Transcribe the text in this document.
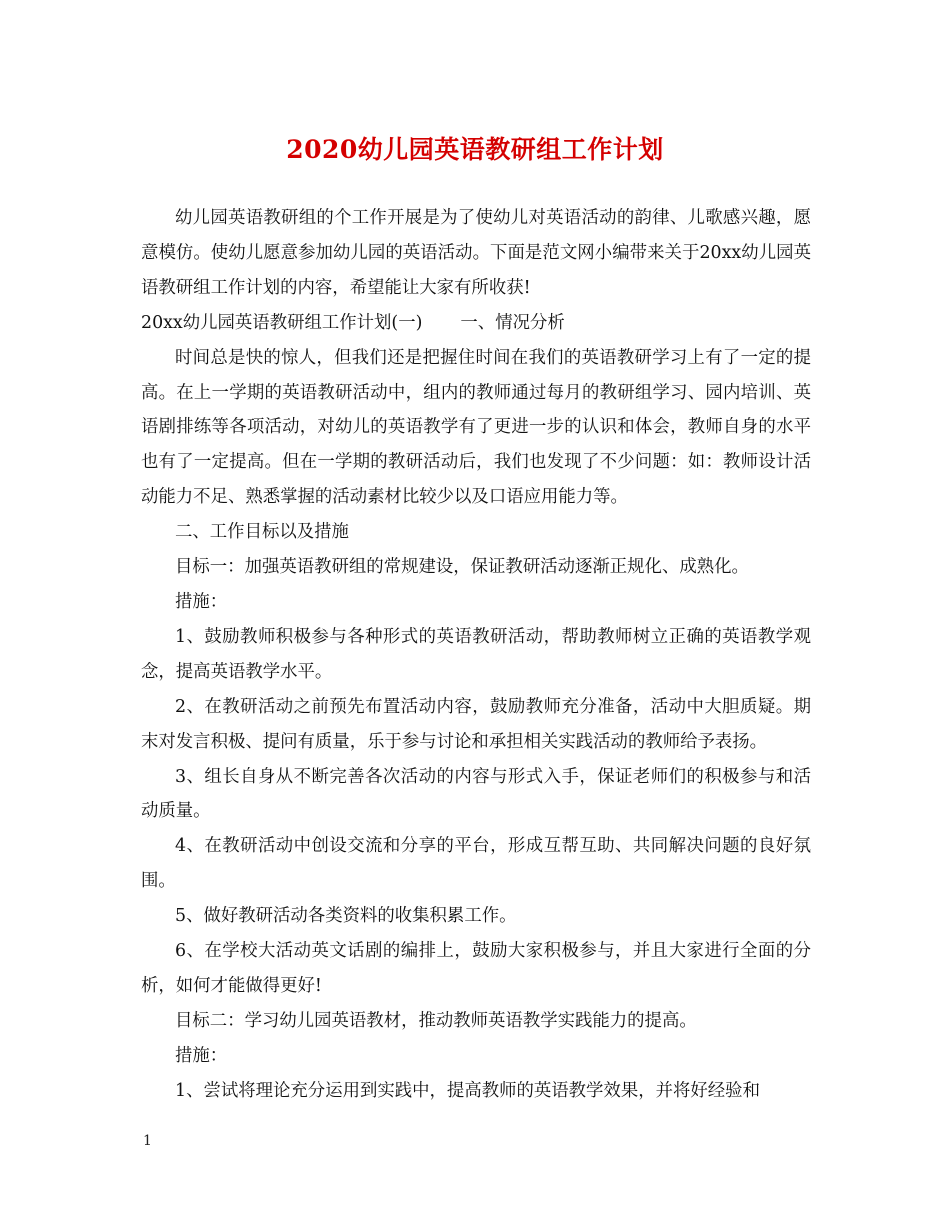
2020幼儿园英语教研组工作计划

幼儿园英语教研组的个工作开展是为了使幼儿对英语活动的韵律、儿歌感兴趣，愿意模仿。使幼儿愿意参加幼儿园的英语活动。下面是范文网小编带来关于20xx幼儿园英语教研组工作计划的内容，希望能让大家有所收获!

20xx幼儿园英语教研组工作计划(一) 一、情况分析

时间总是快的惊人，但我们还是把握住时间在我们的英语教研学习上有了一定的提高。在上一学期的英语教研活动中，组内的教师通过每月的教研组学习、园内培训、英语剧排练等各项活动，对幼儿的英语教学有了更进一步的认识和体会，教师自身的水平也有了一定提高。但在一学期的教研活动后，我们也发现了不少问题：如：教师设计活动能力不足、熟悉掌握的活动素材比较少以及口语应用能力等。

二、工作目标以及措施

目标一：加强英语教研组的常规建设，保证教研活动逐渐正规化、成熟化。

措施：

1、鼓励教师积极参与各种形式的英语教研活动，帮助教师树立正确的英语教学观念，提高英语教学水平。

2、在教研活动之前预先布置活动内容，鼓励教师充分准备，活动中大胆质疑。期末对发言积极、提问有质量，乐于参与讨论和承担相关实践活动的教师给予表扬。

3、组长自身从不断完善各次活动的内容与形式入手，保证老师们的积极参与和活动质量。

4、在教研活动中创设交流和分享的平台，形成互帮互助、共同解决问题的良好氛围。

5、做好教研活动各类资料的收集积累工作。

6、在学校大活动英文话剧的编排上，鼓励大家积极参与，并且大家进行全面的分析，如何才能做得更好!

目标二：学习幼儿园英语教材，推动教师英语教学实践能力的提高。

措施：

1、尝试将理论充分运用到实践中，提高教师的英语教学效果，并将好经验和

1
